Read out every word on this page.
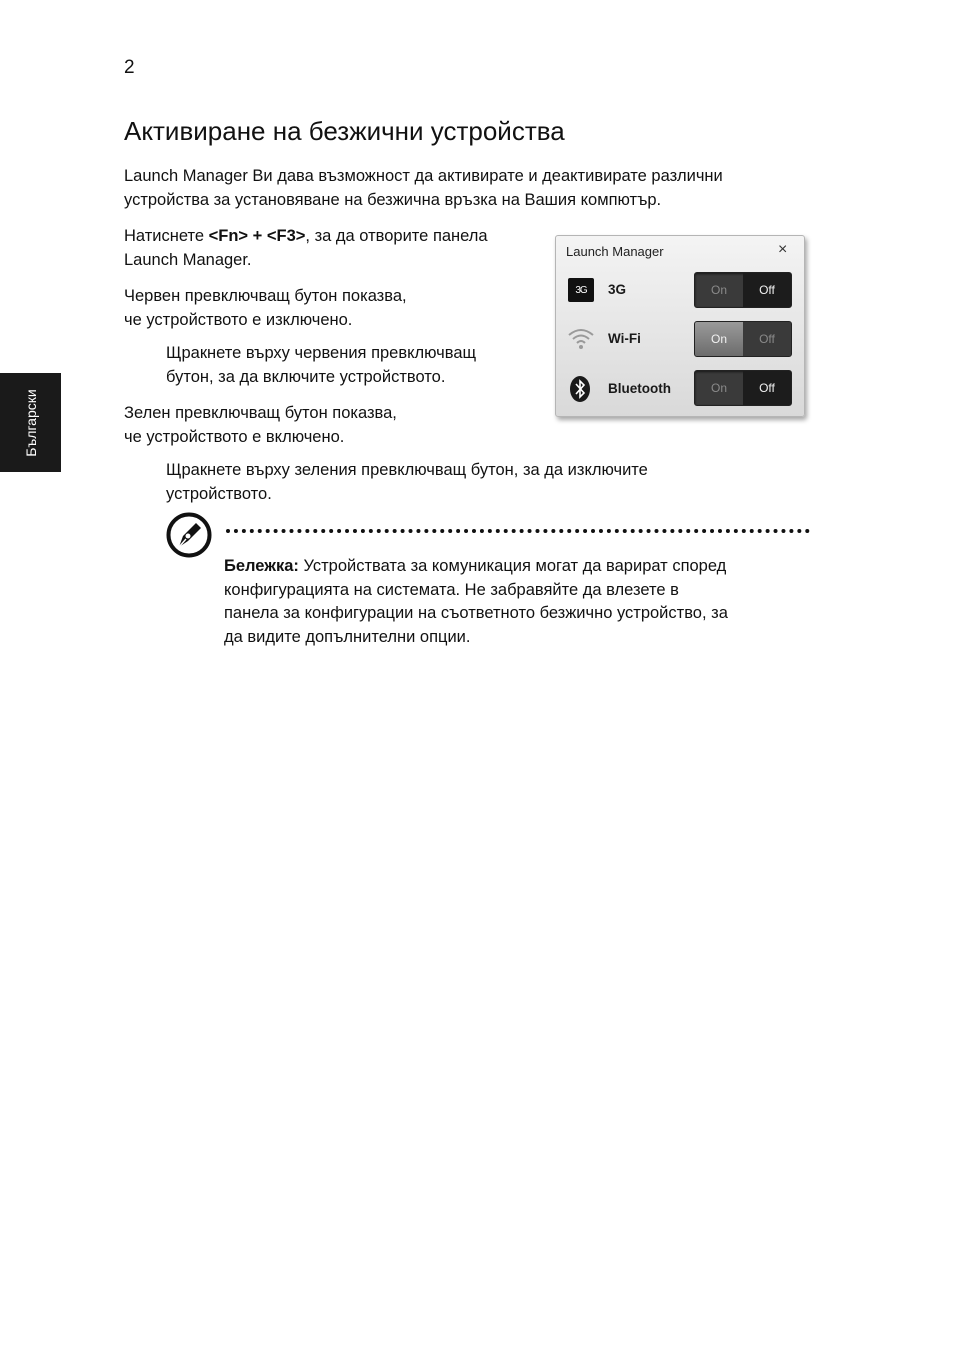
2
Активиране на безжични устройства
Български
Launch Manager Ви дава възможност да активирате и деактивирате различни
устройства за установяване на безжична връзка на Вашия компютър.
Натиснете <Fn> + <F3>, за да отворите панела
Launch Manager.
Червен превключващ бутон показва,
че устройството е изключено.
Щракнете върху червения превключващ
бутон, за да включите устройството.
Зелен превключващ бутон показва,
че устройството е включено.
Щракнете върху зеления превключващ бутон, за да изключите
устройството.
Launch Manager	×
3G 3G	On	Off
Wi-Fi	On	Off
Bluetooth	On	Off
Бележка: Устройствата за комуникация могат да варират според
конфигурацията на системата. Не забравяйте да влезете в
панела за конфигурации на съответното безжично устройство, за
да видите допълнителни опции.
